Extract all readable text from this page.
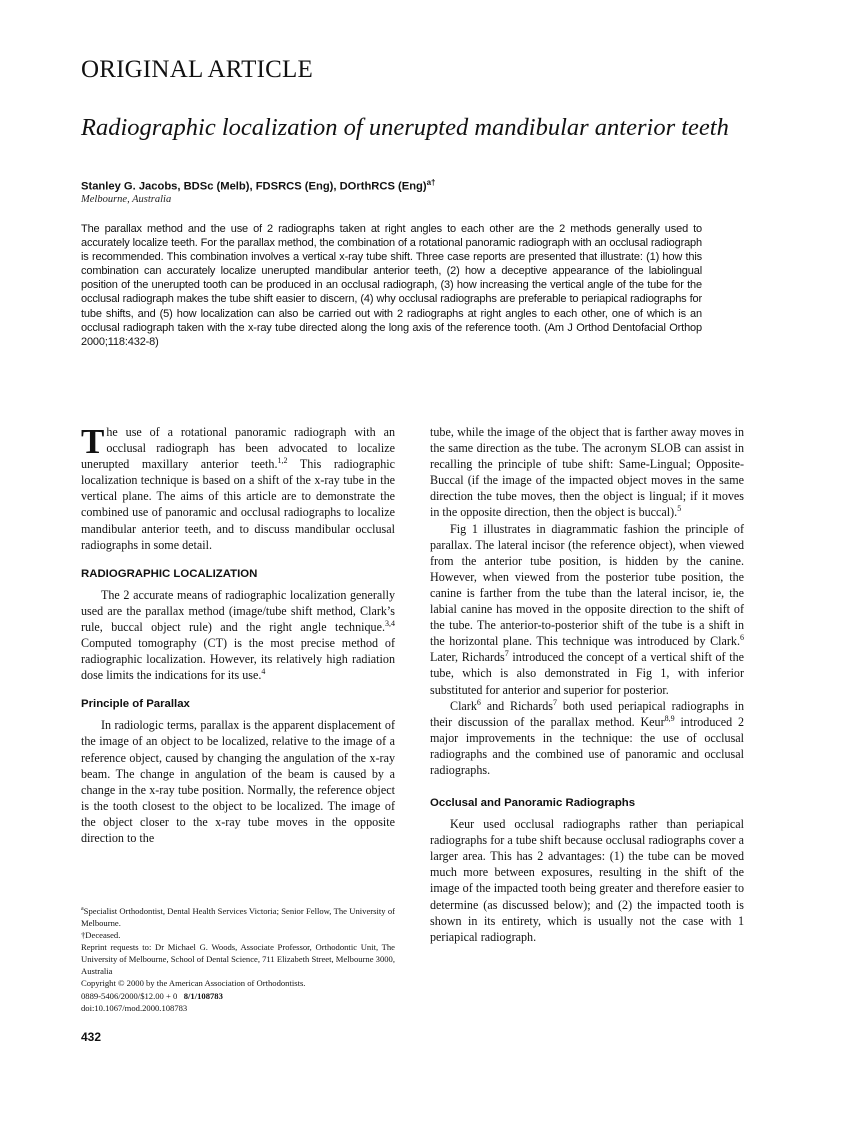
ORIGINAL ARTICLE
Radiographic localization of unerupted mandibular anterior teeth
Stanley G. Jacobs, BDSc (Melb), FDSRCS (Eng), DOrthRCS (Eng)$^{a\dagger}$
Melbourne, Australia
The parallax method and the use of 2 radiographs taken at right angles to each other are the 2 methods generally used to accurately localize teeth. For the parallax method, the combination of a rotational panoramic radiograph with an occlusal radiograph is recommended. This combination involves a vertical x-ray tube shift. Three case reports are presented that illustrate: (1) how this combination can accurately localize unerupted mandibular anterior teeth, (2) how a deceptive appearance of the labiolingual position of the unerupted tooth can be produced in an occlusal radiograph, (3) how increasing the vertical angle of the tube for the occlusal radiograph makes the tube shift easier to discern, (4) why occlusal radiographs are preferable to periapical radiographs for tube shifts, and (5) how localization can also be carried out with 2 radiographs at right angles to each other, one of which is an occlusal radiograph taken with the x-ray tube directed along the long axis of the reference tooth. (Am J Orthod Dentofacial Orthop 2000;118:432-8)

The use of a rotational panoramic radiograph with an occlusal radiograph has been advocated to localize unerupted maxillary anterior teeth.$^{1,2}$ This radiographic localization technique is based on a shift of the x-ray tube in the vertical plane. The aims of this article are to demonstrate the combined use of panoramic and occlusal radiographs to localize mandibular anterior teeth, and to discuss mandibular occlusal radiographs in some detail.

RADIOGRAPHIC LOCALIZATION

The 2 accurate means of radiographic localization generally used are the parallax method (image/tube shift method, Clark’s rule, buccal object rule) and the right angle technique.$^{3,4}$ Computed tomography (CT) is the most precise method of radiographic localization. However, its relatively high radiation dose limits the indications for its use.$^4$

Principle of Parallax

In radiologic terms, parallax is the apparent displacement of the image of an object to be localized, relative to the image of a reference object, caused by changing the angulation of the x-ray beam. The change in angulation of the beam is caused by a change in the x-ray tube position. Normally, the reference object is the tooth closest to the object to be localized. The image of the object closer to the x-ray tube moves in the opposite direction to the

tube, while the image of the object that is farther away moves in the same direction as the tube. The acronym SLOB can assist in recalling the principle of tube shift: Same-Lingual; Opposite-Buccal (if the image of the impacted object moves in the same direction the tube moves, then the object is lingual; if it moves in the opposite direction, then the object is buccal).$^5$

Fig 1 illustrates in diagrammatic fashion the principle of parallax. The lateral incisor (the reference object), when viewed from the anterior tube position, is hidden by the canine. However, when viewed from the posterior tube position, the canine is farther from the tube than the lateral incisor, ie, the labial canine has moved in the opposite direction to the shift of the tube. The anterior-to-posterior shift of the tube is a shift in the horizontal plane. This technique was introduced by Clark.$^6$ Later, Richards$^7$ introduced the concept of a vertical shift of the tube, which is also demonstrated in Fig 1, with inferior substituted for anterior and superior for posterior.

Clark$^6$ and Richards$^7$ both used periapical radiographs in their discussion of the parallax method. Keur$^{8,9}$ introduced 2 major improvements in the technique: the use of occlusal radiographs and the combined use of panoramic and occlusal radiographs.

Occlusal and Panoramic Radiographs

Keur used occlusal radiographs rather than periapical radiographs for a tube shift because occlusal radiographs cover a larger area. This has 2 advantages: (1) the tube can be moved much more between exposures, resulting in the shift of the image of the impacted tooth being greater and therefore easier to determine (as discussed below); and (2) the impacted tooth is shown in its entirety, which is usually not the case with 1 periapical radiograph.

$^a$Specialist Orthodontist, Dental Health Services Victoria; Senior Fellow, The University of Melbourne.
†Deceased.
Reprint requests to: Dr Michael G. Woods, Associate Professor, Orthodontic Unit, The University of Melbourne, School of Dental Science, 711 Elizabeth Street, Melbourne 3000, Australia
Copyright © 2000 by the American Association of Orthodontists.
0889-5406/2000/$12.00 + 0 8/1/108783
doi:10.1067/mod.2000.108783
432
